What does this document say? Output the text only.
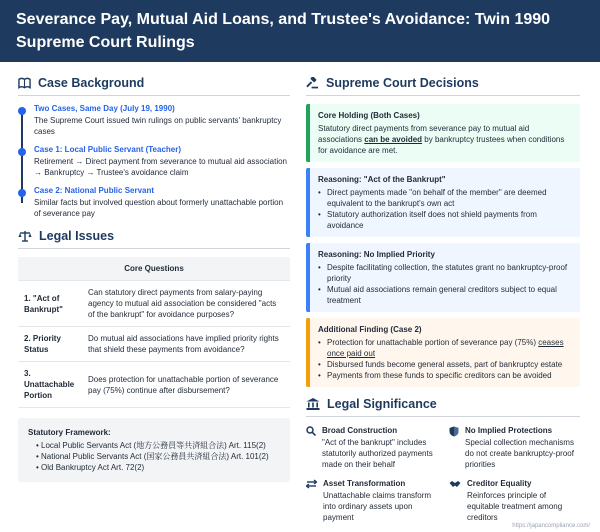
Severance Pay, Mutual Aid Loans, and Trustee's Avoidance: Twin 1990 Supreme Court Rulings
Case Background
Two Cases, Same Day (July 19, 1990)
The Supreme Court issued twin rulings on public servants' bankruptcy cases
Case 1: Local Public Servant (Teacher)
Retirement → Direct payment from severance to mutual aid association → Bankruptcy → Trustee's avoidance claim
Case 2: National Public Servant
Similar facts but involved question about formerly unattachable portion of severance pay
Legal Issues
Core Questions	
1. "Act of Bankrupt"	Can statutory direct payments from salary-paying agency to mutual aid association be considered "acts of the bankrupt" for avoidance purposes?
2. Priority Status	Do mutual aid associations have implied priority rights that shield these payments from avoidance?
3. Unattachable Portion	Does protection for unattachable portion of severance pay (75%) continue after disbursement?
Statutory Framework:
• Local Public Servants Act (地方公務員等共済組合法) Art. 115(2)
• National Public Servants Act (国家公務員共済組合法) Art. 101(2)
• Old Bankruptcy Act Art. 72(2)
Supreme Court Decisions
Core Holding (Both Cases)
Statutory direct payments from severance pay to mutual aid associations can be avoided by bankruptcy trustees when conditions for avoidance are met.
Reasoning: "Act of the Bankrupt"
• Direct payments made "on behalf of the member" are deemed equivalent to the bankrupt's own act
• Statutory authorization itself does not shield payments from avoidance
Reasoning: No Implied Priority
• Despite facilitating collection, the statutes grant no bankruptcy-proof priority
• Mutual aid associations remain general creditors subject to equal treatment
Additional Finding (Case 2)
• Protection for unattachable portion of severance pay (75%) ceases once paid out
• Disbursed funds become general assets, part of bankruptcy estate
• Payments from these funds to specific creditors can be avoided
Legal Significance
Broad Construction
"Act of the bankrupt" includes statutorily authorized payments made on their behalf
No Implied Protections
Special collection mechanisms do not create bankruptcy-proof priorities
Asset Transformation
Unattachable claims transform into ordinary assets upon payment
Creditor Equality
Reinforces principle of equitable treatment among creditors
https://japancompliance.com/
